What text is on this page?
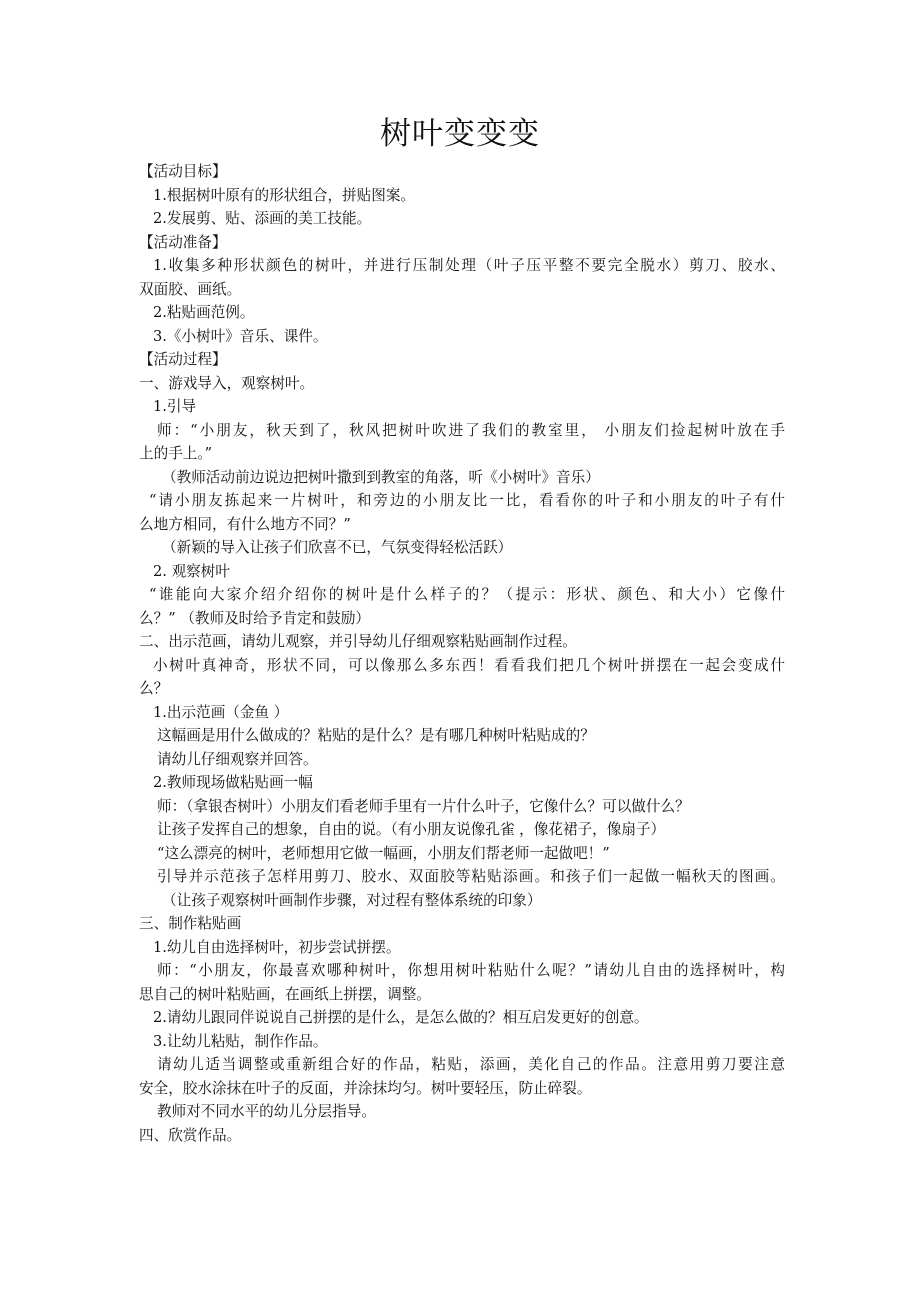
树叶变变变
【活动目标】
1.根据树叶原有的形状组合，拼贴图案。
2.发展剪、贴、添画的美工技能。
【活动准备】
1.收集多种形状颜色的树叶，并进行压制处理（叶子压平整不要完全脱水）剪刀、胶水、
双面胶、画纸。
2.粘贴画范例。
3.《小树叶》音乐、课件。
【活动过程】
一、游戏导入，观察树叶。
1.引导
师：“小朋友，秋天到了，秋风把树叶吹进了我们的教室里， 小朋友们捡起树叶放在手
上的手上。”
（教师活动前边说边把树叶撒到到教室的角落，听《小树叶》音乐）
“请小朋友拣起来一片树叶，和旁边的小朋友比一比，看看你的叶子和小朋友的叶子有什
么地方相同，有什么地方不同？”
（新颖的导入让孩子们欣喜不已，气氛变得轻松活跃）
2. 观察树叶
“谁能向大家介绍介绍你的树叶是什么样子的？（提示：形状、颜色、和大小）它像什
么？” （教师及时给予肯定和鼓励）
二、出示范画，请幼儿观察，并引导幼儿仔细观察粘贴画制作过程。
小树叶真神奇，形状不同，可以像那么多东西！看看我们把几个树叶拼摆在一起会变成什
么？
1.出示范画（金鱼 ）
这幅画是用什么做成的？粘贴的是什么？是有哪几种树叶粘贴成的？
请幼儿仔细观察并回答。
2.教师现场做粘贴画一幅
师：（拿银杏树叶）小朋友们看老师手里有一片什么叶子，它像什么？可以做什么？
让孩子发挥自己的想象，自由的说。（有小朋友说像孔雀 ，像花裙子，像扇子）
“这么漂亮的树叶，老师想用它做一幅画，小朋友们帮老师一起做吧！”
引导并示范孩子怎样用剪刀、胶水、双面胶等粘贴添画。和孩子们一起做一幅秋天的图画。
（让孩子观察树叶画制作步骤，对过程有整体系统的印象）
三、制作粘贴画
1.幼儿自由选择树叶，初步尝试拼摆。
师：“小朋友，你最喜欢哪种树叶，你想用树叶粘贴什么呢？”请幼儿自由的选择树叶，构
思自己的树叶粘贴画，在画纸上拼摆，调整。
2.请幼儿跟同伴说说自己拼摆的是什么，是怎么做的？相互启发更好的创意。
3.让幼儿粘贴，制作作品。
请幼儿适当调整或重新组合好的作品，粘贴，添画，美化自己的作品。注意用剪刀要注意
安全，胶水涂抹在叶子的反面，并涂抹均匀。树叶要轻压，防止碎裂。
教师对不同水平的幼儿分层指导。
四、欣赏作品。
